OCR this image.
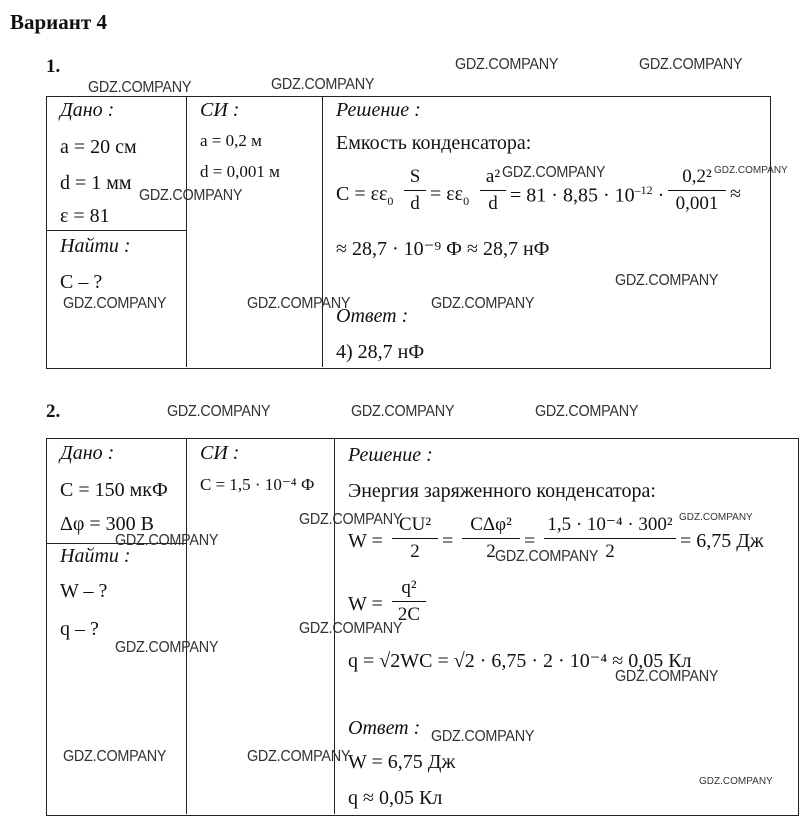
Вариант 4
1.
Дано :
a = 20 см
d = 1 мм
ε = 81
Найти :
C – ?
СИ :
a = 0,2 м
d = 0,001 м
Решение :
Емкость конденсатора:
$C = \varepsilon\varepsilon_0$
S
$d = \varepsilon\varepsilon_0$
a²
$d = 81 \cdot 8,85 \cdot 10^{-12}$ ·
0,2²
0,001 ≈
≈ 28,7 · 10⁻⁹ Ф ≈ 28,7 нФ
Ответ :
4) 28,7 нФ
2.
Дано :
C = 150 мкФ
Δφ = 300 В
Найти :
W – ?
q – ?
СИ :
C = 1,5 · 10⁻⁴ Ф
Решение :
Энергия заряженного конденсатора:
W =
CU²
2	=
CΔφ²
2	=
1,5 · 10⁻⁴ · 300²
2	= 6,75 Дж
W =
q²
2C
q = √2WC = √2 · 6,75 · 2 · 10⁻⁴ ≈ 0,05 Кл
Ответ :
W = 6,75 Дж
q ≈ 0,05 Кл
GDZ.COMPANY	GDZ.COMPANY
GDZ.COMPANY	GDZ.COMPANY
GDZ.COMPANY
GDZ.COMPANY	GDZ.COMPANY
GDZ.COMPANY
GDZ.COMPANY	GDZ.COMPANY	GDZ.COMPANY
GDZ.COMPANY	GDZ.COMPANY	GDZ.COMPANY
GDZ.COMPANY	GDZ.COMPANY
GDZ.COMPANY
GDZ.COMPANY
GDZ.COMPANY
GDZ.COMPANY
GDZ.COMPANY
GDZ.COMPANY
GDZ.COMPANY	GDZ.COMPANY
GDZ.COMPANY
